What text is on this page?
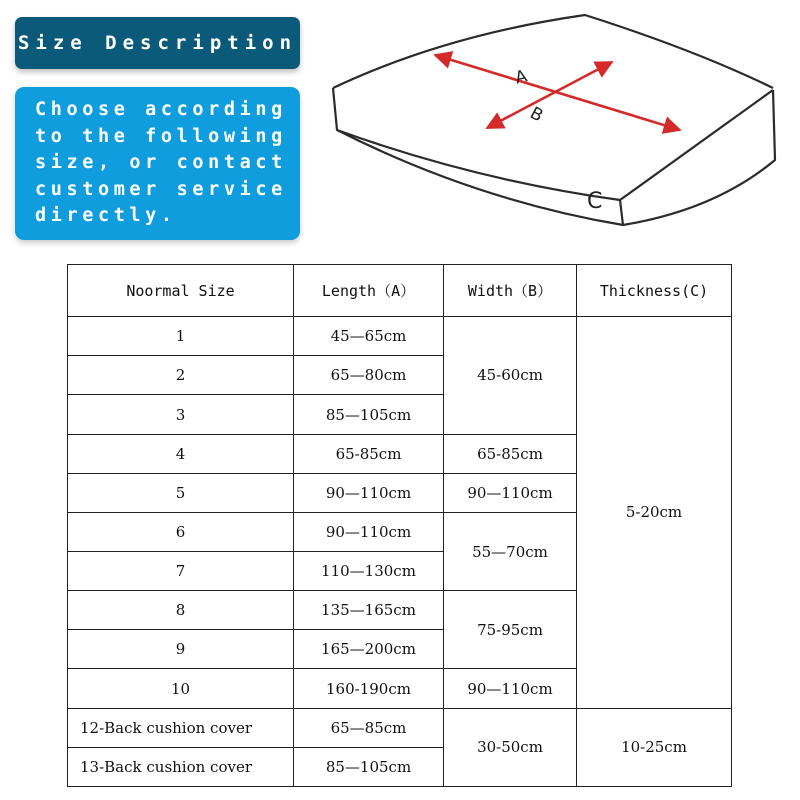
Size Description
Choose according
to the following
size, or contact
customer service
directly.
A
B
C
Noormal Size	Length（A）	Width（B）	Thickness(C)
1	45—65cm	45-60cm	5-20cm
2	65—80cm		
3	85—105cm		
4	65-85cm	65-85cm	
5	90—110cm	90—110cm	
6	90—110cm	55—70cm	
7	110—130cm		
8	135—165cm	75-95cm	
9	165—200cm		
10	160-190cm	90—110cm	
12-Back cushion cover	65—85cm	30-50cm	10-25cm
13-Back cushion cover	85—105cm		
